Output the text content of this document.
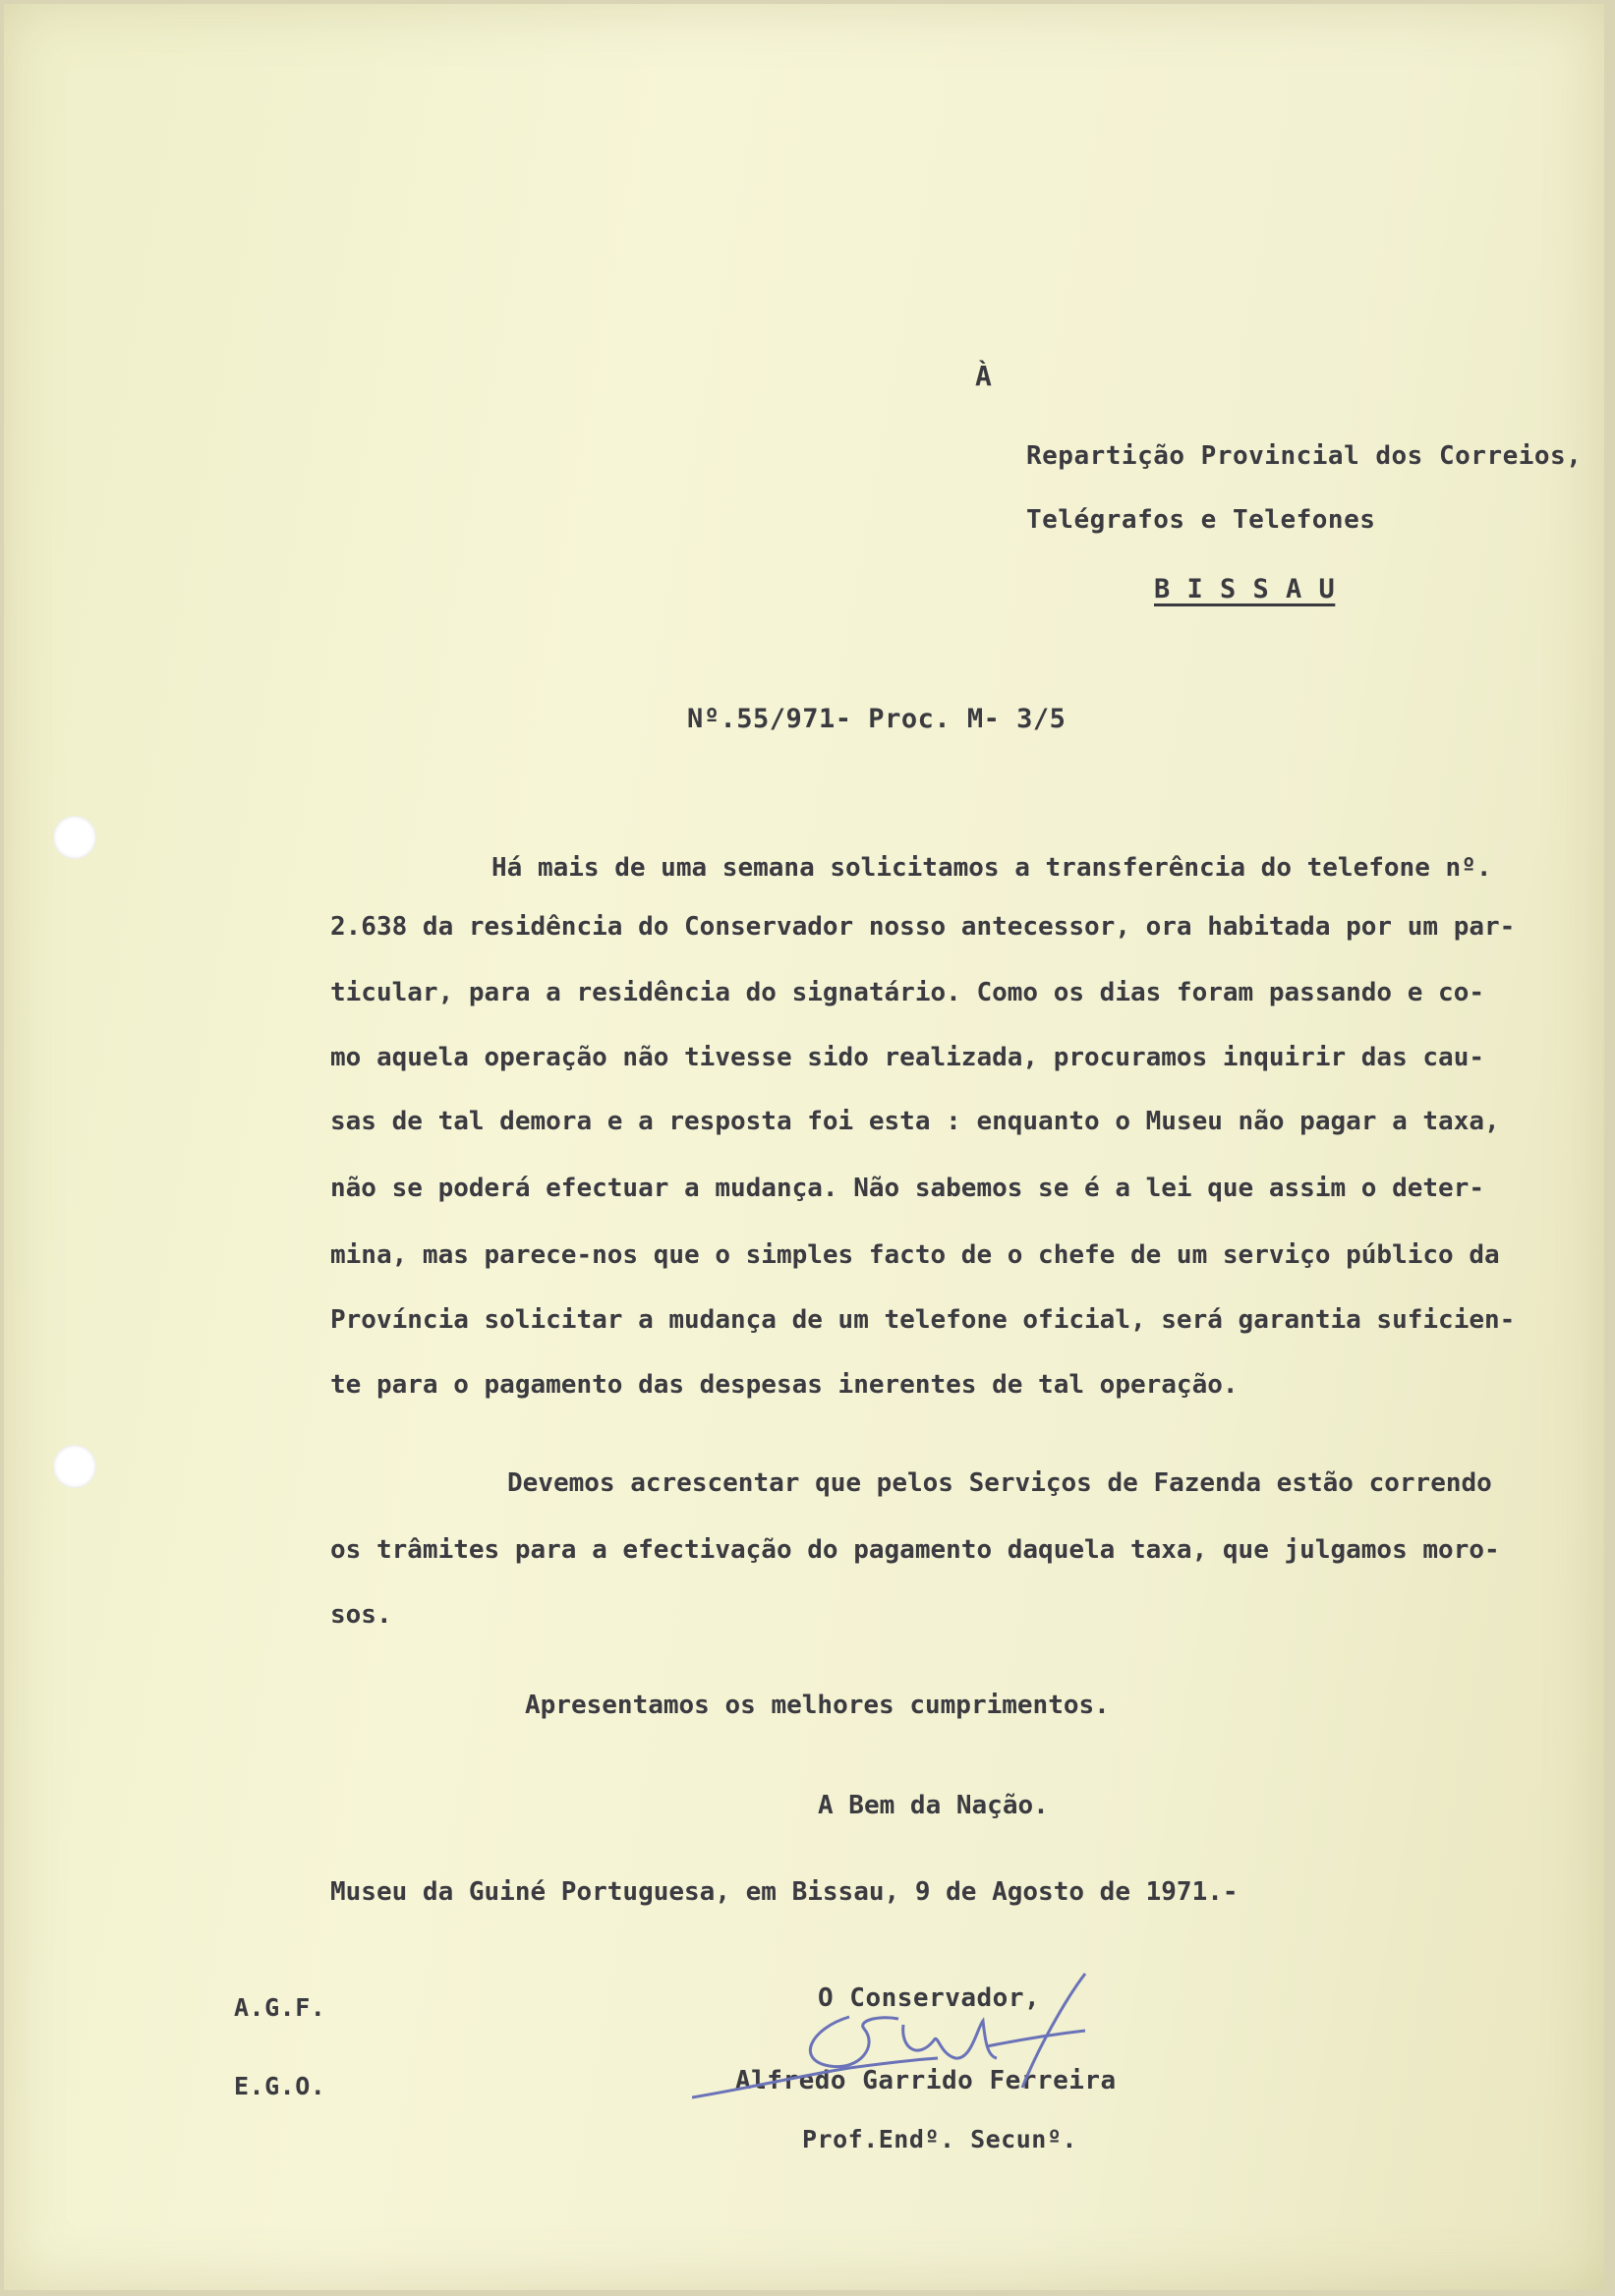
À
Repartição Provincial dos Correios,
Telégrafos e Telefones
B I S S A U
Nº.55/971- Proc. M- 3/5
Há mais de uma semana solicitamos a transferência do telefone nº.
2.638 da residência do Conservador nosso antecessor, ora habitada por um par-
ticular, para a residência do signatário. Como os dias foram passando e co-
mo aquela operação não tivesse sido realizada, procuramos inquirir das cau-
sas de tal demora e a resposta foi esta : enquanto o Museu não pagar a taxa,
não se poderá efectuar a mudança. Não sabemos se é a lei que assim o deter-
mina, mas parece-nos que o simples facto de o chefe de um serviço público da
Província solicitar a mudança de um telefone oficial, será garantia suficien-
te para o pagamento das despesas inerentes de tal operação.
Devemos acrescentar que pelos Serviços de Fazenda estão correndo
os trâmites para a efectivação do pagamento daquela taxa, que julgamos moro-
sos.
Apresentamos os melhores cumprimentos.
A Bem da Nação.
Museu da Guiné Portuguesa, em Bissau, 9 de Agosto de 1971.-
A.G.F.
E.G.O.
O Conservador,
Alfredo Garrido Ferreira
Prof.Endº. Secunº.
